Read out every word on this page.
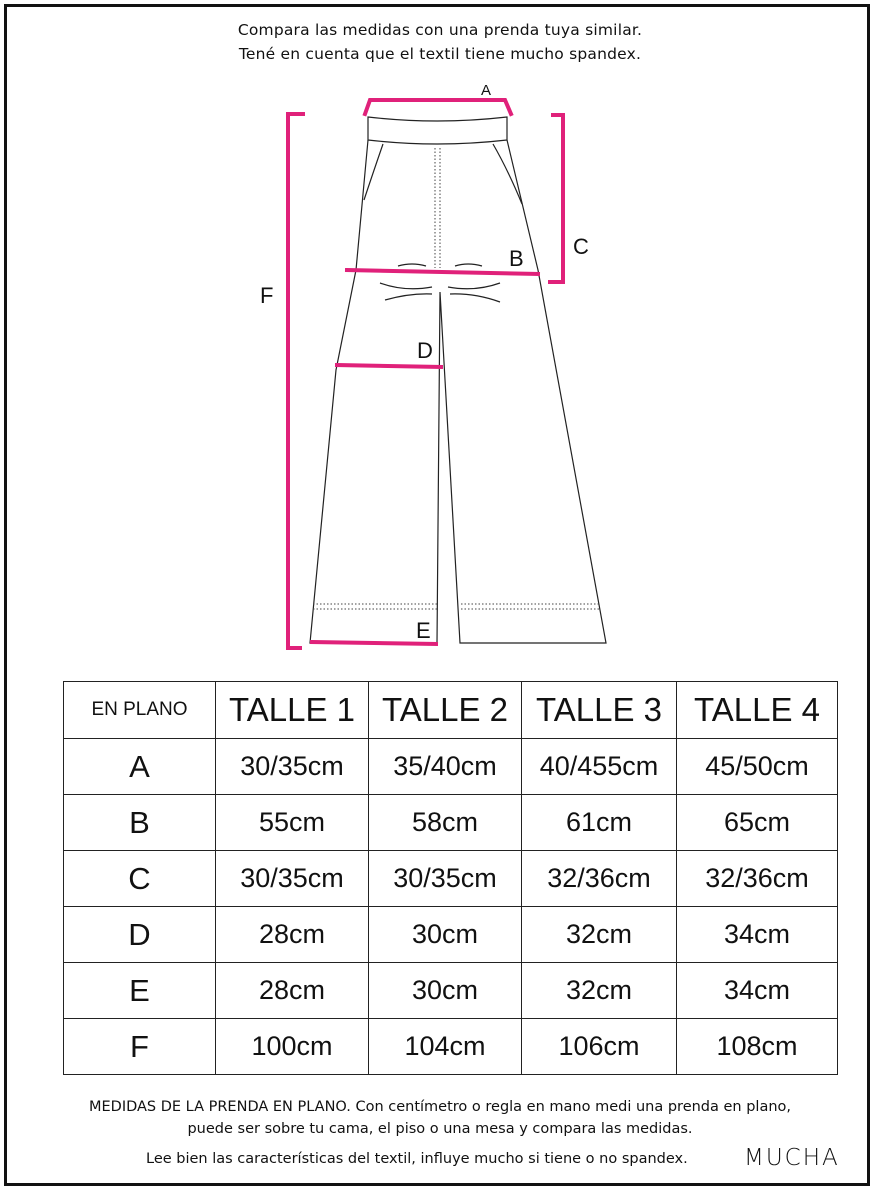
Compara las medidas con una prenda tuya similar.
Tené en cuenta que el textil tiene mucho spandex.
A
B C
D
E
F
EN PLANO	TALLE 1	TALLE 2	TALLE 3	TALLE 4
A	30/35cm	35/40cm	40/455cm	45/50cm
B	55cm	58cm	61cm	65cm
C	30/35cm	30/35cm	32/36cm	32/36cm
D	28cm	30cm	32cm	34cm
E	28cm	30cm	32cm	34cm
F	100cm	104cm	106cm	108cm
MEDIDAS DE LA PRENDA EN PLANO. Con centímetro o regla en mano medi una prenda en plano,
puede ser sobre tu cama, el piso o una mesa y compara las medidas.
Lee bien las características del textil, influye mucho si tiene o no spandex. MUCHA
